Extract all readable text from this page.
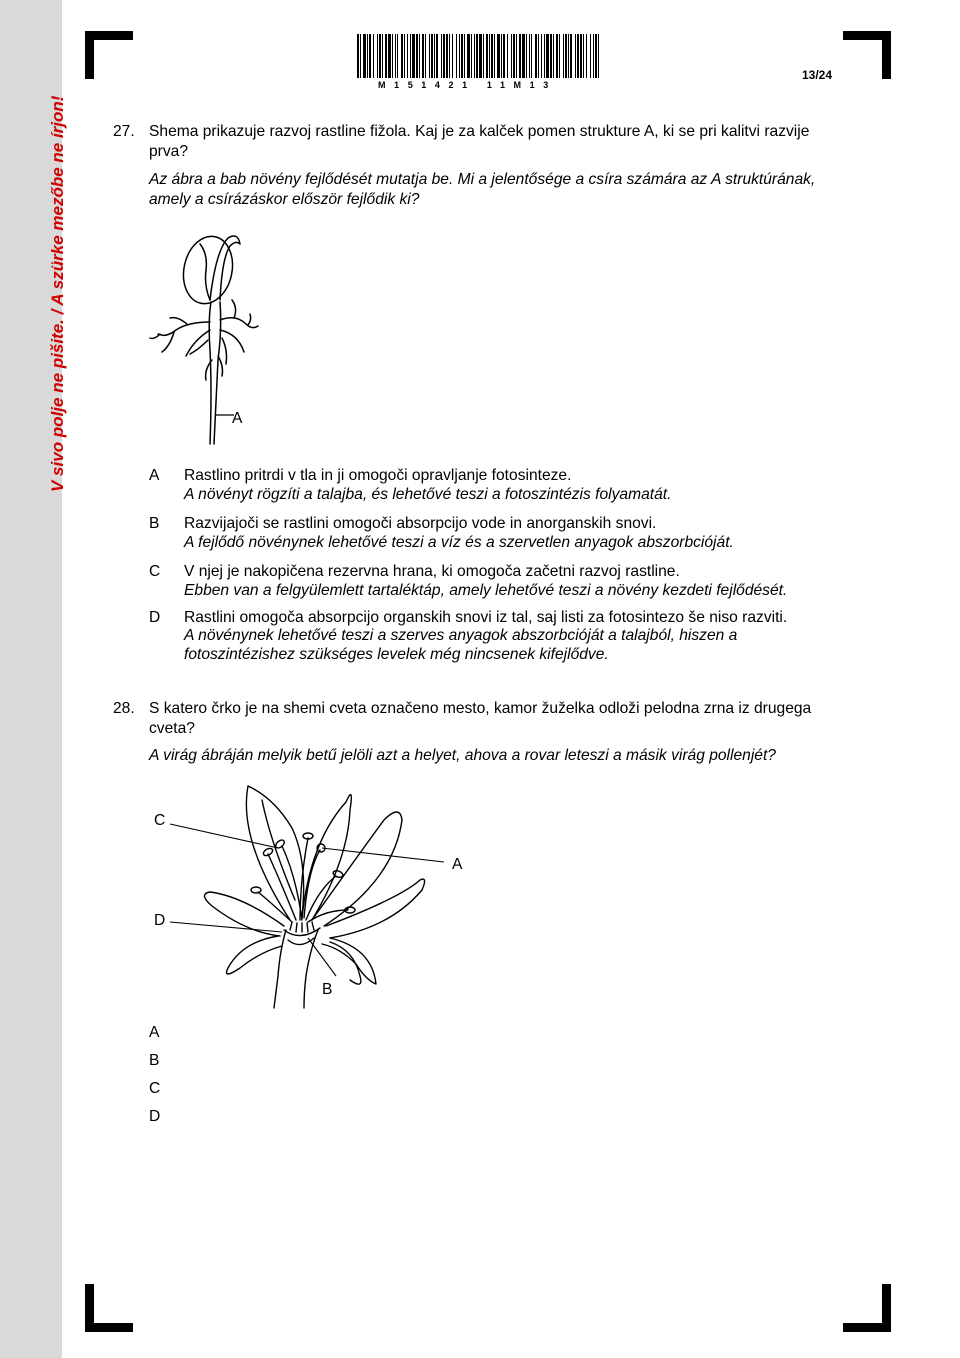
V sivo polje ne pišite. / A szürke mezőbe ne írjon!
M151421 11M13
13/24
27. Shema prikazuje razvoj rastline fižola. Kaj je za kalček pomen strukture A, ki se pri kalitvi razvije
prva?
Az ábra a bab növény fejlődését mutatja be. Mi a jelentősége a csíra számára az A struktúrának,
amely a csírázáskor először fejlődik ki?
A
A Rastlino pritrdi v tla in ji omogoči opravljanje fotosinteze.
A növényt rögzíti a talajba, és lehetővé teszi a fotoszintézis folyamatát.
B Razvijajoči se rastlini omogoči absorpcijo vode in anorganskih snovi.
A fejlődő növénynek lehetővé teszi a víz és a szervetlen anyagok abszorbcióját.
C V njej je nakopičena rezervna hrana, ki omogoča začetni razvoj rastline.
Ebben van a felgyülemlett tartaléktáp, amely lehetővé teszi a növény kezdeti fejlődését.
D Rastlini omogoča absorpcijo organskih snovi iz tal, saj listi za fotosintezo še niso razviti.
A növénynek lehetővé teszi a szerves anyagok abszorbcióját a talajból, hiszen a
fotoszintézishez szükséges levelek még nincsenek kifejlődve.
28. S katero črko je na shemi cveta označeno mesto, kamor žuželka odloži pelodna zrna iz drugega
cveta?
A virág ábráján melyik betű jelöli azt a helyet, ahova a rovar leteszi a másik virág pollenjét?
C
A
D
B
A
B
C
D
